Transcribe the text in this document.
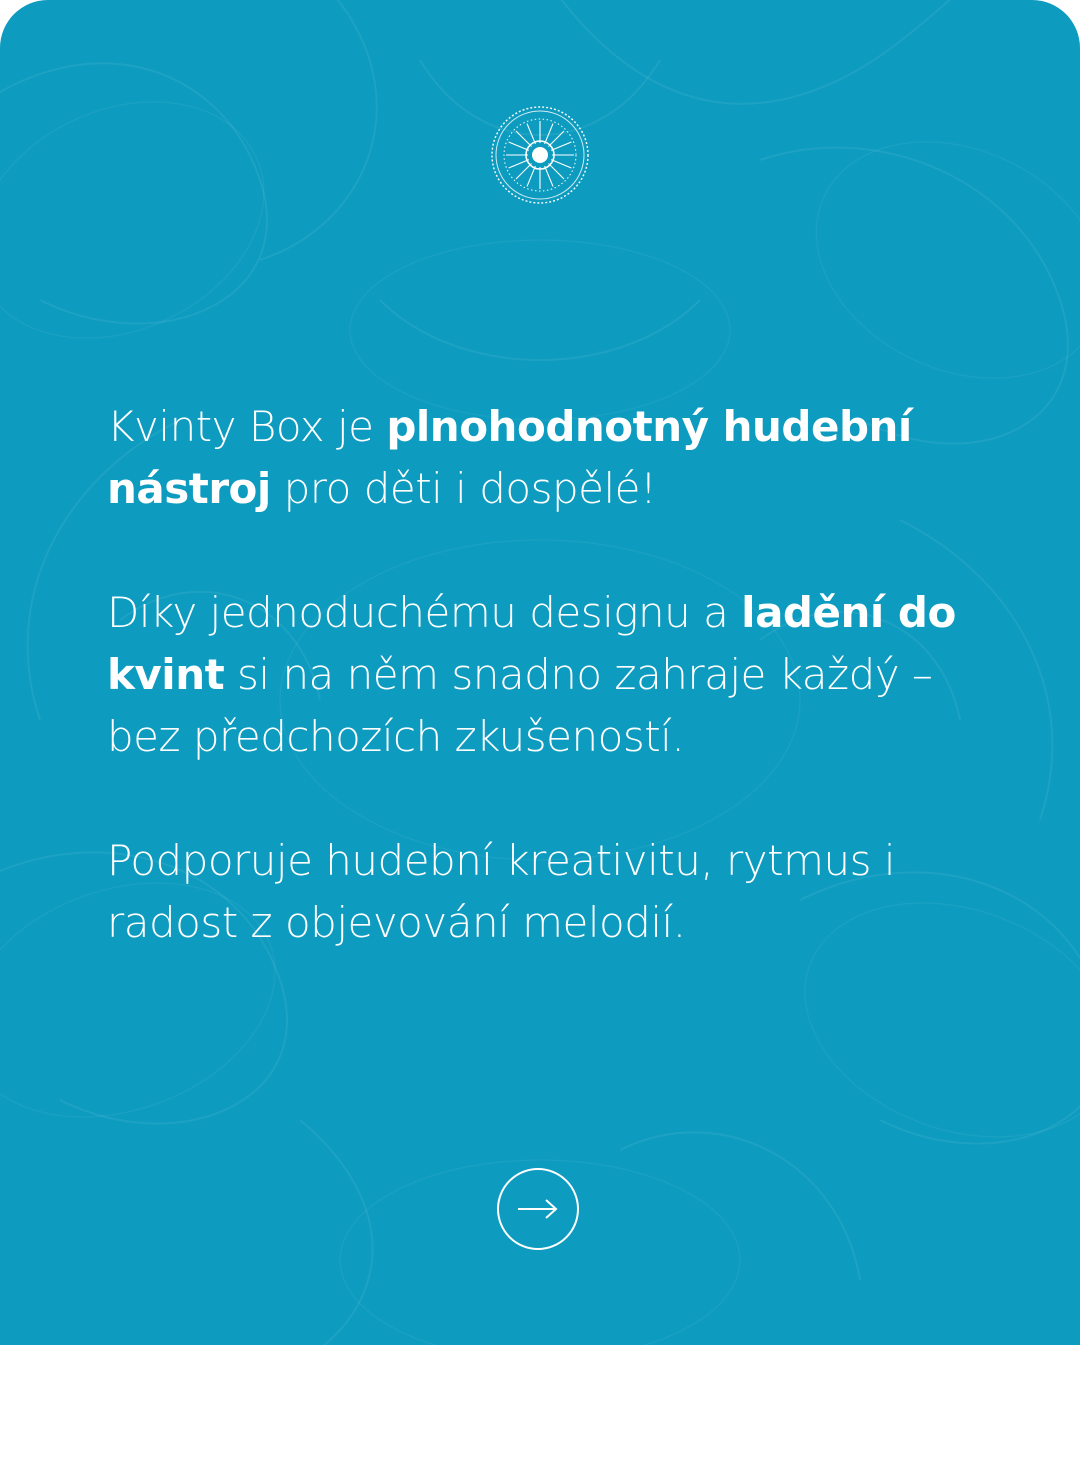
Kvinty Box je plnohodnotný hudební nástroj pro děti i dospělé!

Díky jednoduchému designu a ladění do kvint si na něm snadno zahraje každý – bez předchozích zkušeností.

Podporuje hudební kreativitu, rytmus i radost z objevování melodií.
